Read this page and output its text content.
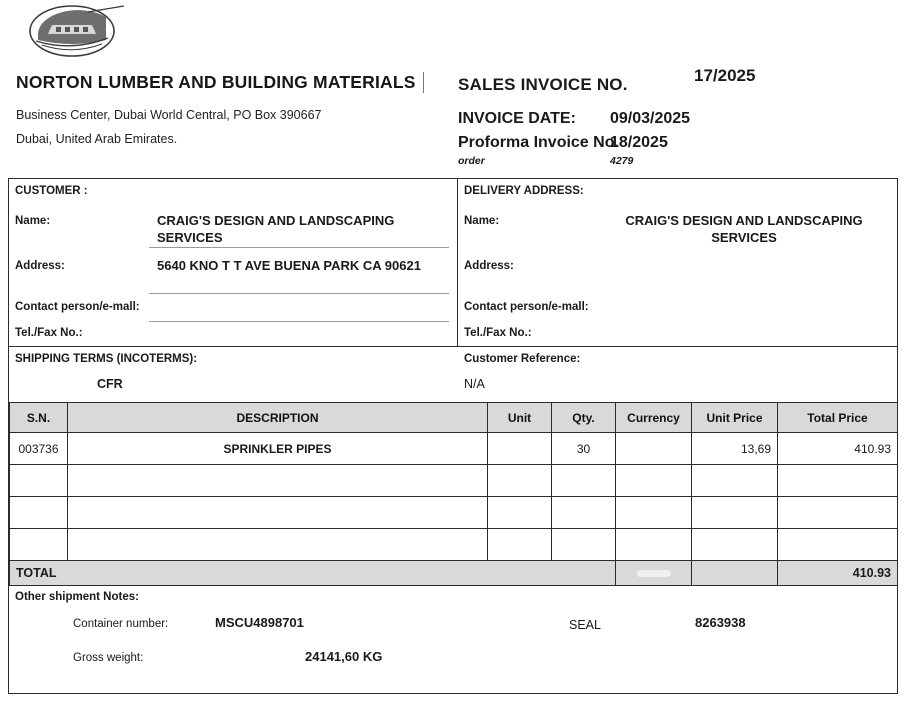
NORTON LUMBER AND BUILDING MATERIALS
Business Center, Dubai World Central, PO Box 390667
Dubai, United Arab Emirates.
SALES INVOICE NO.	17/2025
INVOICE DATE: 09/03/2025
Proforma Invoice No.
18/2025
order	4279
CUSTOMER :
Name:	CRAIG'S DESIGN AND LANDSCAPING SERVICES
Address:	5640 KNO T T AVE BUENA PARK CA 90621
Contact person/e-mall:
Tel./Fax No.:
DELIVERY ADDRESS:
Name:	CRAIG'S DESIGN AND LANDSCAPING SERVICES
Address:
Contact person/e-mall:
Tel./Fax No.:
SHIPPING TERMS (INCOTERMS):
CFR
Customer Reference:
N/A
S.N.	DESCRIPTION	Unit	Qty.	Currency	Unit Price	Total Price
003736	SPRINKLER PIPES		30		13,69	410.93

TOTAL						410.93
Other shipment Notes:
Container number:	MSCU4898701	SEAL	8263938
Gross weight:	24141,60 KG
